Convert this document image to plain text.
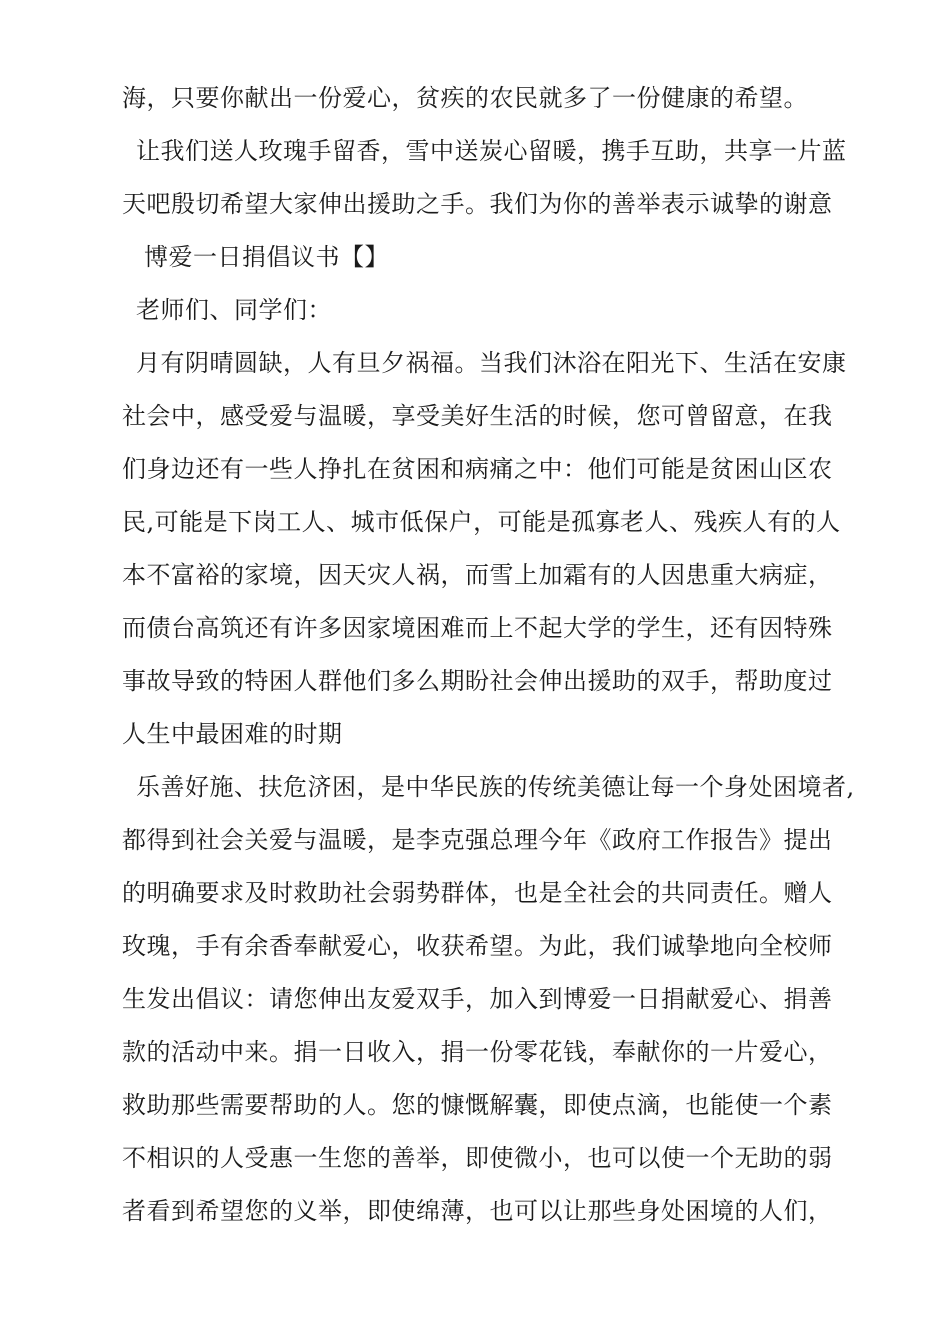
海，只要你献出一份爱心，贫疾的农民就多了一份健康的希望。
让我们送人玫瑰手留香，雪中送炭心留暖，携手互助，共享一片蓝
天吧殷切希望大家伸出援助之手。我们为你的善举表示诚挚的谢意
博爱一日捐倡议书【】
老师们、同学们：
月有阴晴圆缺，人有旦夕祸福。当我们沐浴在阳光下、生活在安康
社会中，感受爱与温暖，享受美好生活的时候，您可曾留意，在我
们身边还有一些人挣扎在贫困和病痛之中：他们可能是贫困山区农
民,可能是下岗工人、城市低保户，可能是孤寡老人、残疾人有的人
本不富裕的家境，因天灾人祸，而雪上加霜有的人因患重大病症，
而债台高筑还有许多因家境困难而上不起大学的学生，还有因特殊
事故导致的特困人群他们多么期盼社会伸出援助的双手，帮助度过
人生中最困难的时期
乐善好施、扶危济困，是中华民族的传统美德让每一个身处困境者,
都得到社会关爱与温暖，是李克强总理今年《政府工作报告》提出
的明确要求及时救助社会弱势群体，也是全社会的共同责任。赠人
玫瑰，手有余香奉献爱心，收获希望。为此，我们诚挚地向全校师
生发出倡议：请您伸出友爱双手，加入到博爱一日捐献爱心、捐善
款的活动中来。捐一日收入，捐一份零花钱，奉献你的一片爱心，
救助那些需要帮助的人。您的慷慨解囊，即使点滴，也能使一个素
不相识的人受惠一生您的善举，即使微小，也可以使一个无助的弱
者看到希望您的义举，即使绵薄，也可以让那些身处困境的人们，
